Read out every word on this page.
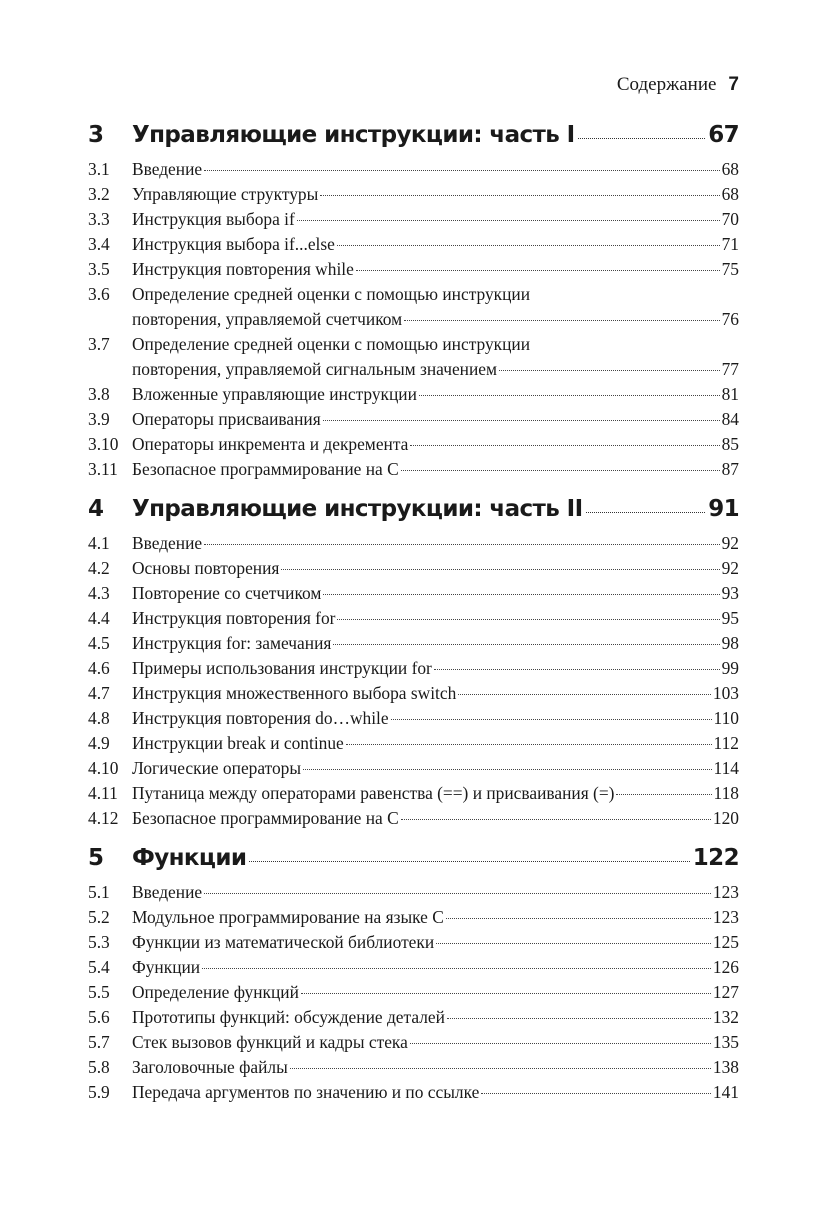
Содержание 7
3	Управляющие инструкции: часть I	67
3.1	Введение	68
3.2	Управляющие структуры	68
3.3	Инструкция выбора if	70
3.4	Инструкция выбора if...else	71
3.5	Инструкция повторения while	75
3.6	Определение средней оценки с помощью инструкции
повторения, управляемой счетчиком	76
3.7	Определение средней оценки с помощью инструкции
повторения, управляемой сигнальным значением	77
3.8	Вложенные управляющие инструкции	81
3.9	Операторы присваивания	84
3.10 Операторы инкремента и декремента	85
3.11 Безопасное программирование на C	87
4	Управляющие инструкции: часть II	91
4.1	Введение	92
4.2	Основы повторения	92
4.3	Повторение со счетчиком	93
4.4	Инструкция повторения for	95
4.5	Инструкция for: замечания	98
4.6	Примеры использования инструкции for	99
4.7	Инструкция множественного выбора switch	103
4.8	Инструкция повторения do…while	110
4.9	Инструкции break и continue	112
4.10 Логические операторы	114
4.11 Путаница между операторами равенства (==) и присваивания (=)	118
4.12 Безопасное программирование на C	120
5	Функции	122
5.1	Введение	123
5.2	Модульное программирование на языке C	123
5.3	Функции из математической библиотеки	125
5.4	Функции	126
5.5	Определение функций	127
5.6	Прототипы функций: обсуждение деталей	132
5.7	Стек вызовов функций и кадры стека	135
5.8	Заголовочные файлы	138
5.9	Передача аргументов по значению и по ссылке	141
